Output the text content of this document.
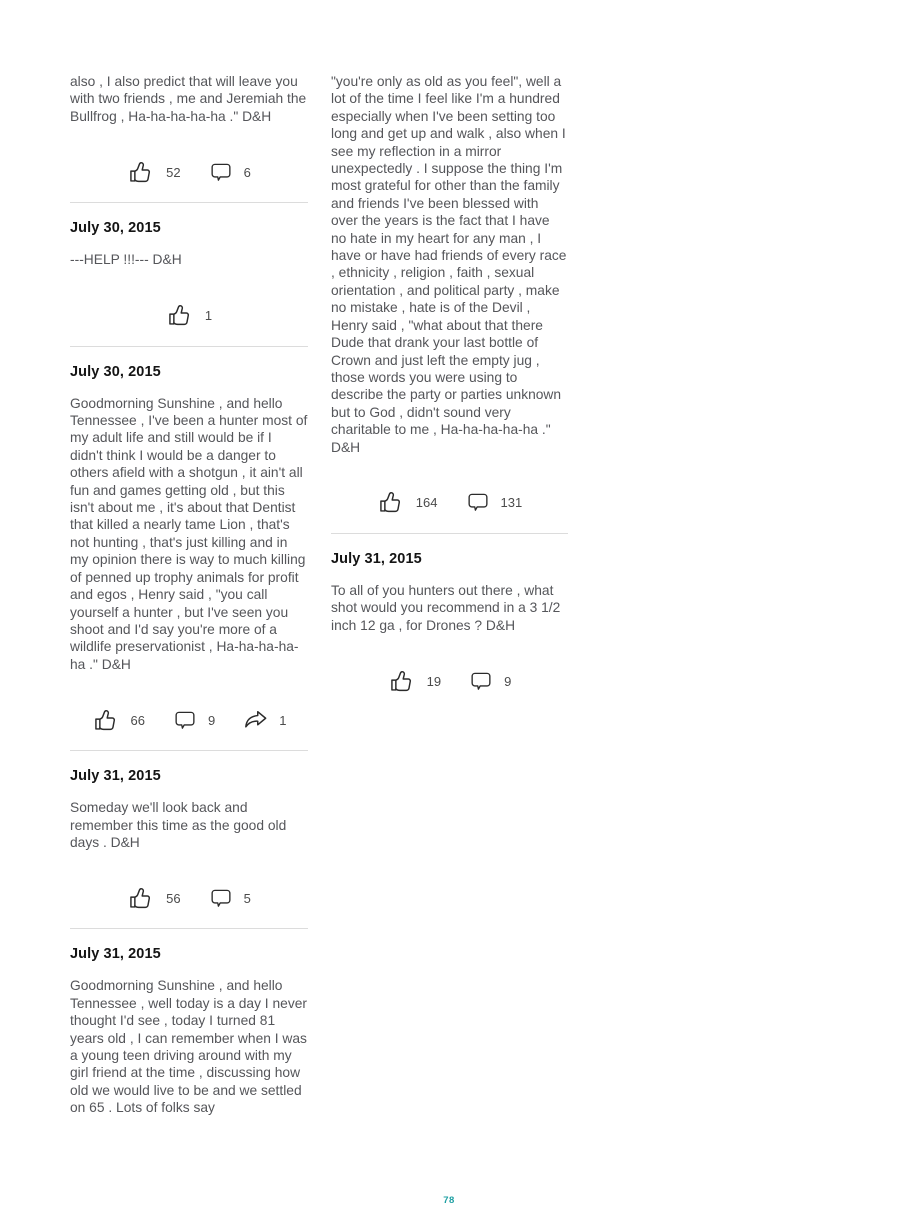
also , I also predict that will leave you with two friends , me and Jeremiah the Bullfrog , Ha-ha-ha-ha-ha ." D&H

52	6
July 30, 2015

---HELP !!!--- D&H

1
July 30, 2015

Goodmorning Sunshine , and hello Tennessee , I've been a hunter most of my adult life and still would be if I didn't think I would be a danger to others afield with a shotgun , it ain't all fun and games getting old , but this isn't about me , it's about that Dentist that killed a nearly tame Lion , that's not hunting , that's just killing and in my opinion there is way to much killing of penned up trophy animals for profit and egos , Henry said , "you call yourself a hunter , but I've seen you shoot and I'd say you're more of a wildlife preservationist , Ha-ha-ha-ha-ha ." D&H

66	9	1
July 31, 2015

Someday we'll look back and remember this time as the good old days . D&H

56	5
July 31, 2015

Goodmorning Sunshine , and hello Tennessee , well today is a day I never thought I'd see , today I turned 81 years old , I can remember when I was a young teen driving around with my girl friend at the time , discussing how old we would live to be and we settled on 65 . Lots of folks say

"you're only as old as you feel", well a lot of the time I feel like I'm a hundred especially when I've been setting too long and get up and walk , also when I see my reflection in a mirror unexpectedly . I suppose the thing I'm most grateful for other than the family and friends I've been blessed with over the years is the fact that I have no hate in my heart for any man , I have or have had friends of every race , ethnicity , religion , faith , sexual orientation , and political party , make no mistake , hate is of the Devil , Henry said , "what about that there Dude that drank your last bottle of Crown and just left the empty jug , those words you were using to describe the party or parties unknown but to God , didn't sound very charitable to me , Ha-ha-ha-ha-ha ." D&H

164	131
July 31, 2015

To all of you hunters out there , what shot would you recommend in a 3 1/2 inch 12 ga , for Drones ? D&H

19	9
78
